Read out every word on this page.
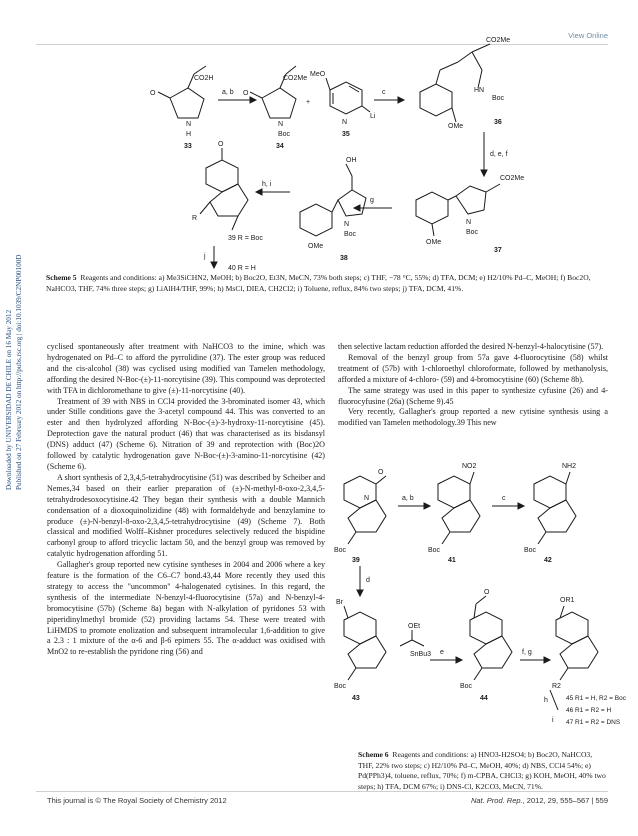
View Online
Downloaded by UNIVERSIDAD DE CHILE on 16 May 2012 Published on 27 February 2012 on http://pubs.rsc.org | doi:10.1039/C2NP00100D
CO2H	CO2Me
O
N
H
33
a, b O
N
Boc
34
+
MeO
N
Li
35
c
CO2Me
HN
Boc
OMe
36
d, e, f
CO2Me
N
Boc
OMe
37
g
OH
N
Boc
OMe
38
h, i
O
R
39 R = Boc
j
40 R = H
O
N
Boc
39
a, b
NO2
Boc
41
c
NH2
Boc
42
d
Br
Boc
43
OEt
SnBu3 e
O
Boc
44
f, g
OR1
R2
h
i
45 R1 = H, R2 = Boc
46 R1 = R2 = H
47 R1 = R2 = DNS
Scheme 5 Reagents and conditions: a) Me3SiCHN2, MeOH; b) Boc2O, Et3N, MeCN, 73% both steps; c) THF, −78 °C, 55%; d) TFA, DCM; e) H2/10% Pd–C, MeOH; f) Boc2O, NaHCO3, THF, 74% three steps; g) LiAlH4/THF, 99%; h) MsCl, DIEA, CH2Cl2; i) Toluene, reflux, 84% two steps; j) TFA, DCM, 41%.

cyclised spontaneously after treatment with NaHCO3 to the imine, which was hydrogenated on Pd–C to afford the pyrrolidine (37). The ester group was reduced and the cis-alcohol (38) was cyclised using modified van Tamelen methodology, affording the desired N-Boc-(±)-11-norcytisine (39). This compound was deprotected with TFA in dichloromethane to give (±)-11-norcytisine (40).

Treatment of 39 with NBS in CCl4 provided the 3-brominated isomer 43, which under Stille conditions gave the 3-acetyl compound 44. This was converted to an ester and then hydrolyzed affording N-Boc-(±)-3-hydroxy-11-norcytisine (45). Deprotection gave the natural product (46) that was characterised as its bisdansyl (DNS) adduct (47) (Scheme 6). Nitration of 39 and reprotection with (Boc)2O followed by catalytic hydrogenation gave N-Boc-(±)-3-amino-11-norcytisine (42) (Scheme 6).

A short synthesis of 2,3,4,5-tetrahydrocytisine (51) was described by Scheiber and Nemes,34 based on their earlier preparation of (±)-N-methyl-8-oxo-2,3,4,5-tetrahydrodesoxocytisine.42 They began their synthesis with a double Mannich condensation of a dioxoquinolizidine (48) with formaldehyde and benzylamine to produce (±)-N-benzyl-8-oxo-2,3,4,5-tetrahydrocytisine (49) (Scheme 7). Both classical and modified Wolff–Kishner procedures selectively reduced the bispidine carbonyl group to afford tricyclic lactam 50, and the benzyl group was removed by catalytic hydrogenation affording 51.

Gallagher's group reported new cytisine syntheses in 2004 and 2006 where a key feature is the formation of the C6–C7 bond.43,44 More recently they used this strategy to access the "uncommon" 4-halogenated cytisines. In this regard, the synthesis of the intermediate N-benzyl-4-fluorocytisine (57a) and N-benzyl-4-bromocytisine (57b) (Scheme 8a) began with N-alkylation of pyridones 53 with piperidinylmethyl bromide (52) providing lactams 54. These were treated with LiHMDS to promote enolization and subsequent intramolecular 1,6-addition to give a 2.3 : 1 mixture of the α-6 and β-6 epimers 55. The α-adduct was oxidised with MnO2 to re-establish the pyridone ring (56) and

then selective lactam reduction afforded the desired N-benzyl-4-halocytisine (57).

Removal of the benzyl group from 57a gave 4-fluorocytisine (58) whilst treatment of (57b) with 1-chloroethyl chloroformate, followed by methanolysis, afforded a mixture of 4-chloro- (59) and 4-bromocytisine (60) (Scheme 8b).

The same strategy was used in this paper to synthesize cyfusine (26) and 4-fluorocyfusine (26a) (Scheme 9).45

Very recently, Gallagher's group reported a new cytisine synthesis using a modified van Tamelen methodology.39 This new

Scheme 6 Reagents and conditions: a) HNO3-H2SO4; b) Boc2O, NaHCO3, THF, 22% two steps; c) H2/10% Pd–C, MeOH, 40%; d) NBS, CCl4 54%; e) Pd(PPh3)4, toluene, reflux, 70%; f) m-CPBA, CHCl3; g) KOH, MeOH, 40% two steps; h) TFA, DCM 67%; i) DNS-Cl, K2CO3, MeCN, 71%.
This journal is © The Royal Society of Chemistry 2012	Nat. Prod. Rep., 2012, 29, 555–567 | 559
